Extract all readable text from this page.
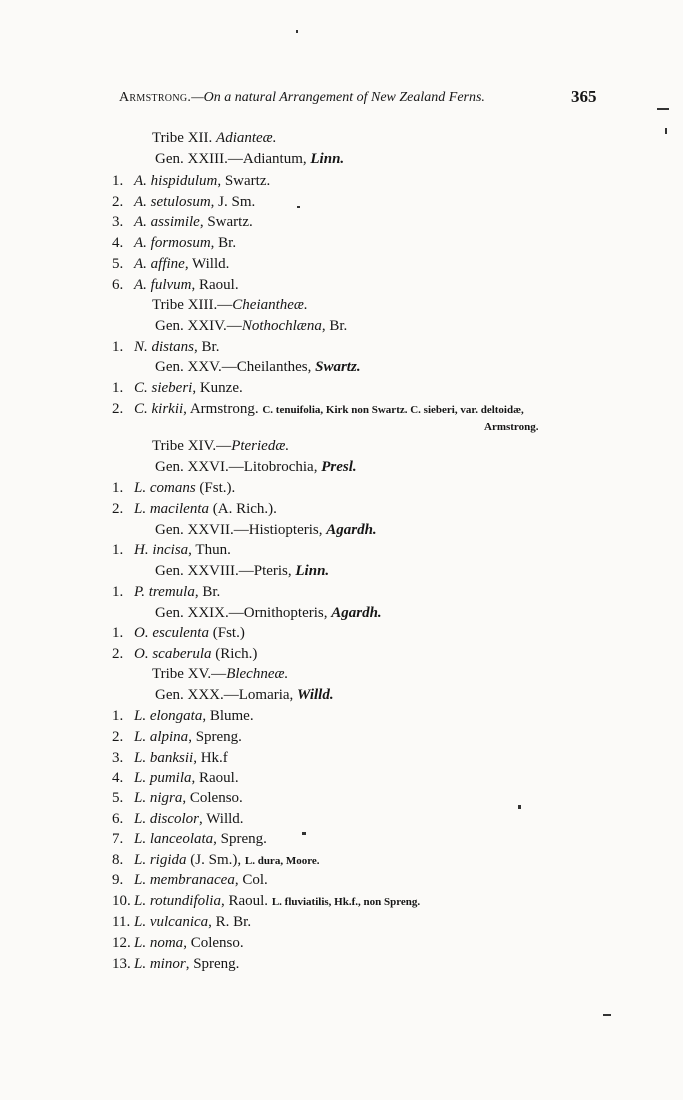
Armstrong.—On a natural Arrangement of New Zealand Ferns.	365
Tribe XII. Adianteæ.
Gen. XXIII.—Adiantum, Linn.
1. A. hispidulum, Swartz.
2. A. setulosum, J. Sm.
3. A. assimile, Swartz.
4. A. formosum, Br.
5. A. affine, Willd.
6. A. fulvum, Raoul.
Tribe XIII.—Cheianthеæ.
Gen. XXIV.—Nothochlæna, Br.
1. N. distans, Br.
Gen. XXV.—Cheilanthes, Swartz.
1. C. sieberi, Kunze.
2. C. kirkii, Armstrong. C. tenuifolia, Kirk non Swartz. C. sieberi, var. deltoidæ,
Armstrong.
Tribe XIV.—Pteriedæ.
Gen. XXVI.—Litobrochia, Presl.
1. L. comans (Fst.).
2. L. macilenta (A. Rich.).
Gen. XXVII.—Histiopteris, Agardh.
1. H. incisa, Thun.
Gen. XXVIII.—Pteris, Linn.
1. P. tremula, Br.
Gen. XXIX.—Ornithopteris, Agardh.
1. O. esculenta (Fst.)
2. O. scaberula (Rich.)
Tribe XV.—Blechneæ.
Gen. XXX.—Lomaria, Willd.
1. L. elongata, Blume.
2. L. alpina, Spreng.
3. L. banksii, Hk.f
4. L. pumila, Raoul.
5. L. nigra, Colenso.
6. L. discolor, Willd.
7. L. lanceolata, Spreng.
8. L. rigida (J. Sm.), L. dura, Moore.
9. L. membranacea, Col.
10. L. rotundifolia, Raoul. L. fluviatilis, Hk.f., non Spreng.
11. L. vulcanica, R. Br.
12. L. noma, Colenso.
13. L. minor, Spreng.
